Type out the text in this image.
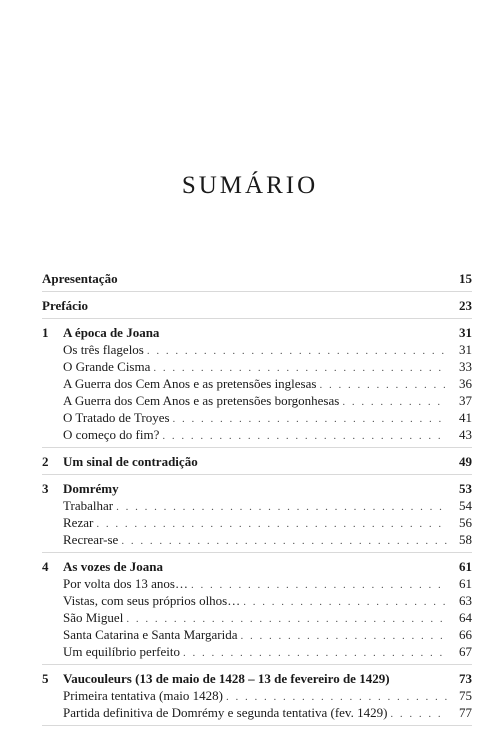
SUMÁRIO
Apresentação	15
Prefácio	23
1	A época de Joana	31
Os três flagelos . . .	31
O Grande Cisma . . .	33
A Guerra dos Cem Anos e as pretensões inglesas . . .	36
A Guerra dos Cem Anos e as pretensões borgonhesas . . .	37
O Tratado de Troyes . . .	41
O começo do fim? . . .	43
2	Um sinal de contradição	49
3	Domrémy	53
Trabalhar . . .	54
Rezar . . .	56
Recrear-se . . .	58
4	As vozes de Joana	61
Por volta dos 13 anos… . . .	61
Vistas, com seus próprios olhos… . . .	63
São Miguel . . .	64
Santa Catarina e Santa Margarida . . .	66
Um equilíbrio perfeito . . .	67
5	Vaucouleurs (13 de maio de 1428 – 13 de fevereiro de 1429)	73
Primeira tentativa (maio 1428) . . .	75
Partida definitiva de Domrémy e segunda tentativa (fev. 1429) . . .	77
